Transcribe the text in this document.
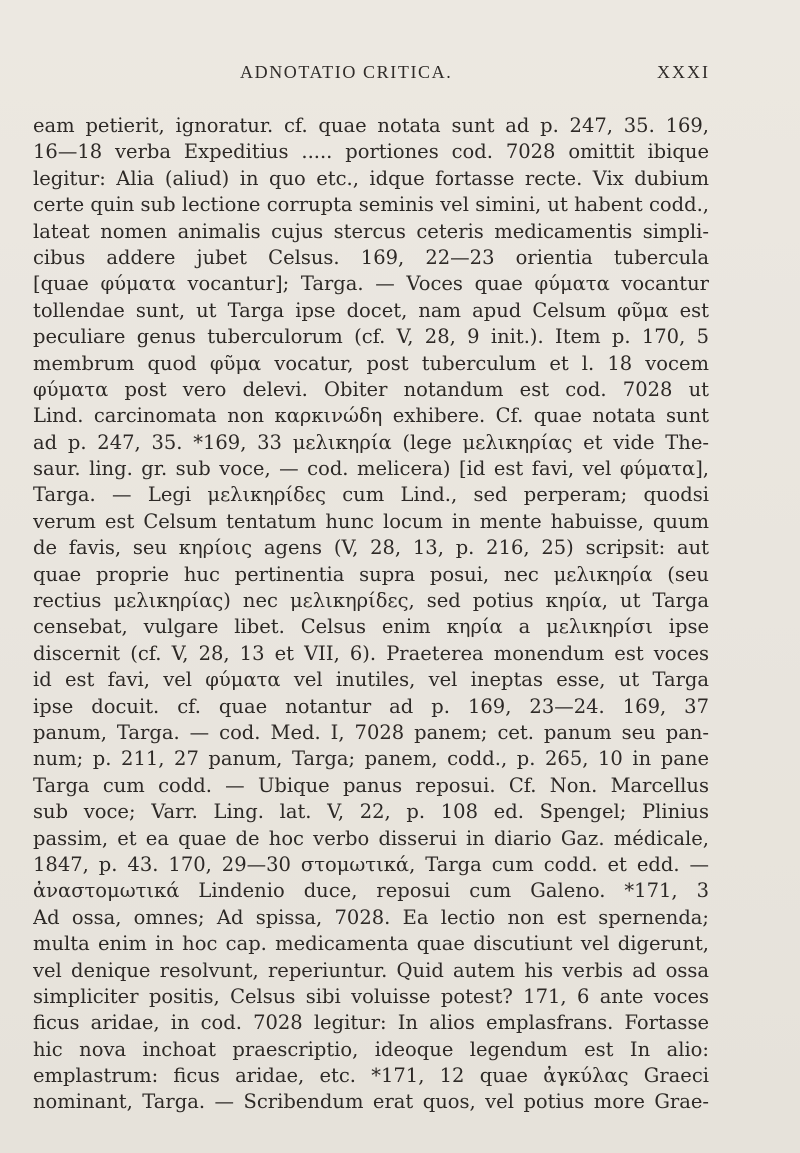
ADNOTATIO CRITICA.	XXXI
eam petierit, ignoratur. cf. quae notata sunt ad p. 247, 35. 169,
16—18 verba Expeditius ..... portiones cod. 7028 omittit ibique
legitur: Alia (aliud) in quo etc., idque fortasse recte. Vix dubium
certe quin sub lectione corrupta seminis vel simini, ut habent codd.,
lateat nomen animalis cujus stercus ceteris medicamentis simpli-
cibus addere jubet Celsus. 169, 22—23 orientia tubercula
[quae φύματα vocantur]; Targa. — Voces quae φύματα vocantur
tollendae sunt, ut Targa ipse docet, nam apud Celsum φῦμα est
peculiare genus tuberculorum (cf. V, 28, 9 init.). Item p. 170, 5
membrum quod φῦμα vocatur, post tuberculum et l. 18 vocem
φύματα post vero delevi. Obiter notandum est cod. 7028 ut
Lind. carcinomata non καρκινώδη exhibere. Cf. quae notata sunt
ad p. 247, 35. *169, 33 μελικηρία (lege μελικηρίας et vide The-
saur. ling. gr. sub voce, — cod. melicera) [id est favi, vel φύματα],
Targa. — Legi μελικηρίδες cum Lind., sed perperam; quodsi
verum est Celsum tentatum hunc locum in mente habuisse, quum
de favis, seu κηρίοις agens (V, 28, 13, p. 216, 25) scripsit: aut
quae proprie huc pertinentia supra posui, nec μελικηρία (seu
rectius μελικηρίας) nec μελικηρίδες, sed potius κηρία, ut Targa
censebat, vulgare libet. Celsus enim κηρία a μελικηρίσι ipse
discernit (cf. V, 28, 13 et VII, 6). Praeterea monendum est voces
id est favi, vel φύματα vel inutiles, vel ineptas esse, ut Targa
ipse docuit. cf. quae notantur ad p. 169, 23—24. 169, 37
panum, Targa. — cod. Med. I, 7028 panem; cet. panum seu pan-
num; p. 211, 27 panum, Targa; panem, codd., p. 265, 10 in pane
Targa cum codd. — Ubique panus reposui. Cf. Non. Marcellus
sub voce; Varr. Ling. lat. V, 22, p. 108 ed. Spengel; Plinius
passim, et ea quae de hoc verbo disserui in diario Gaz. médicale,
1847, p. 43. 170, 29—30 στομωτικά, Targa cum codd. et edd. —
ἀναστομωτικά Lindenio duce, reposui cum Galeno. *171, 3
Ad ossa, omnes; Ad spissa, 7028. Ea lectio non est spernenda;
multa enim in hoc cap. medicamenta quae discutiunt vel digerunt,
vel denique resolvunt, reperiuntur. Quid autem his verbis ad ossa
simpliciter positis, Celsus sibi voluisse potest? 171, 6 ante voces
ficus aridae, in cod. 7028 legitur: In alios emplasfrans. Fortasse
hic nova inchoat praescriptio, ideoque legendum est In alio:
emplastrum: ficus aridae, etc. *171, 12 quae ἀγκύλας Graeci
nominant, Targa. — Scribendum erat quos, vel potius more Grae-
